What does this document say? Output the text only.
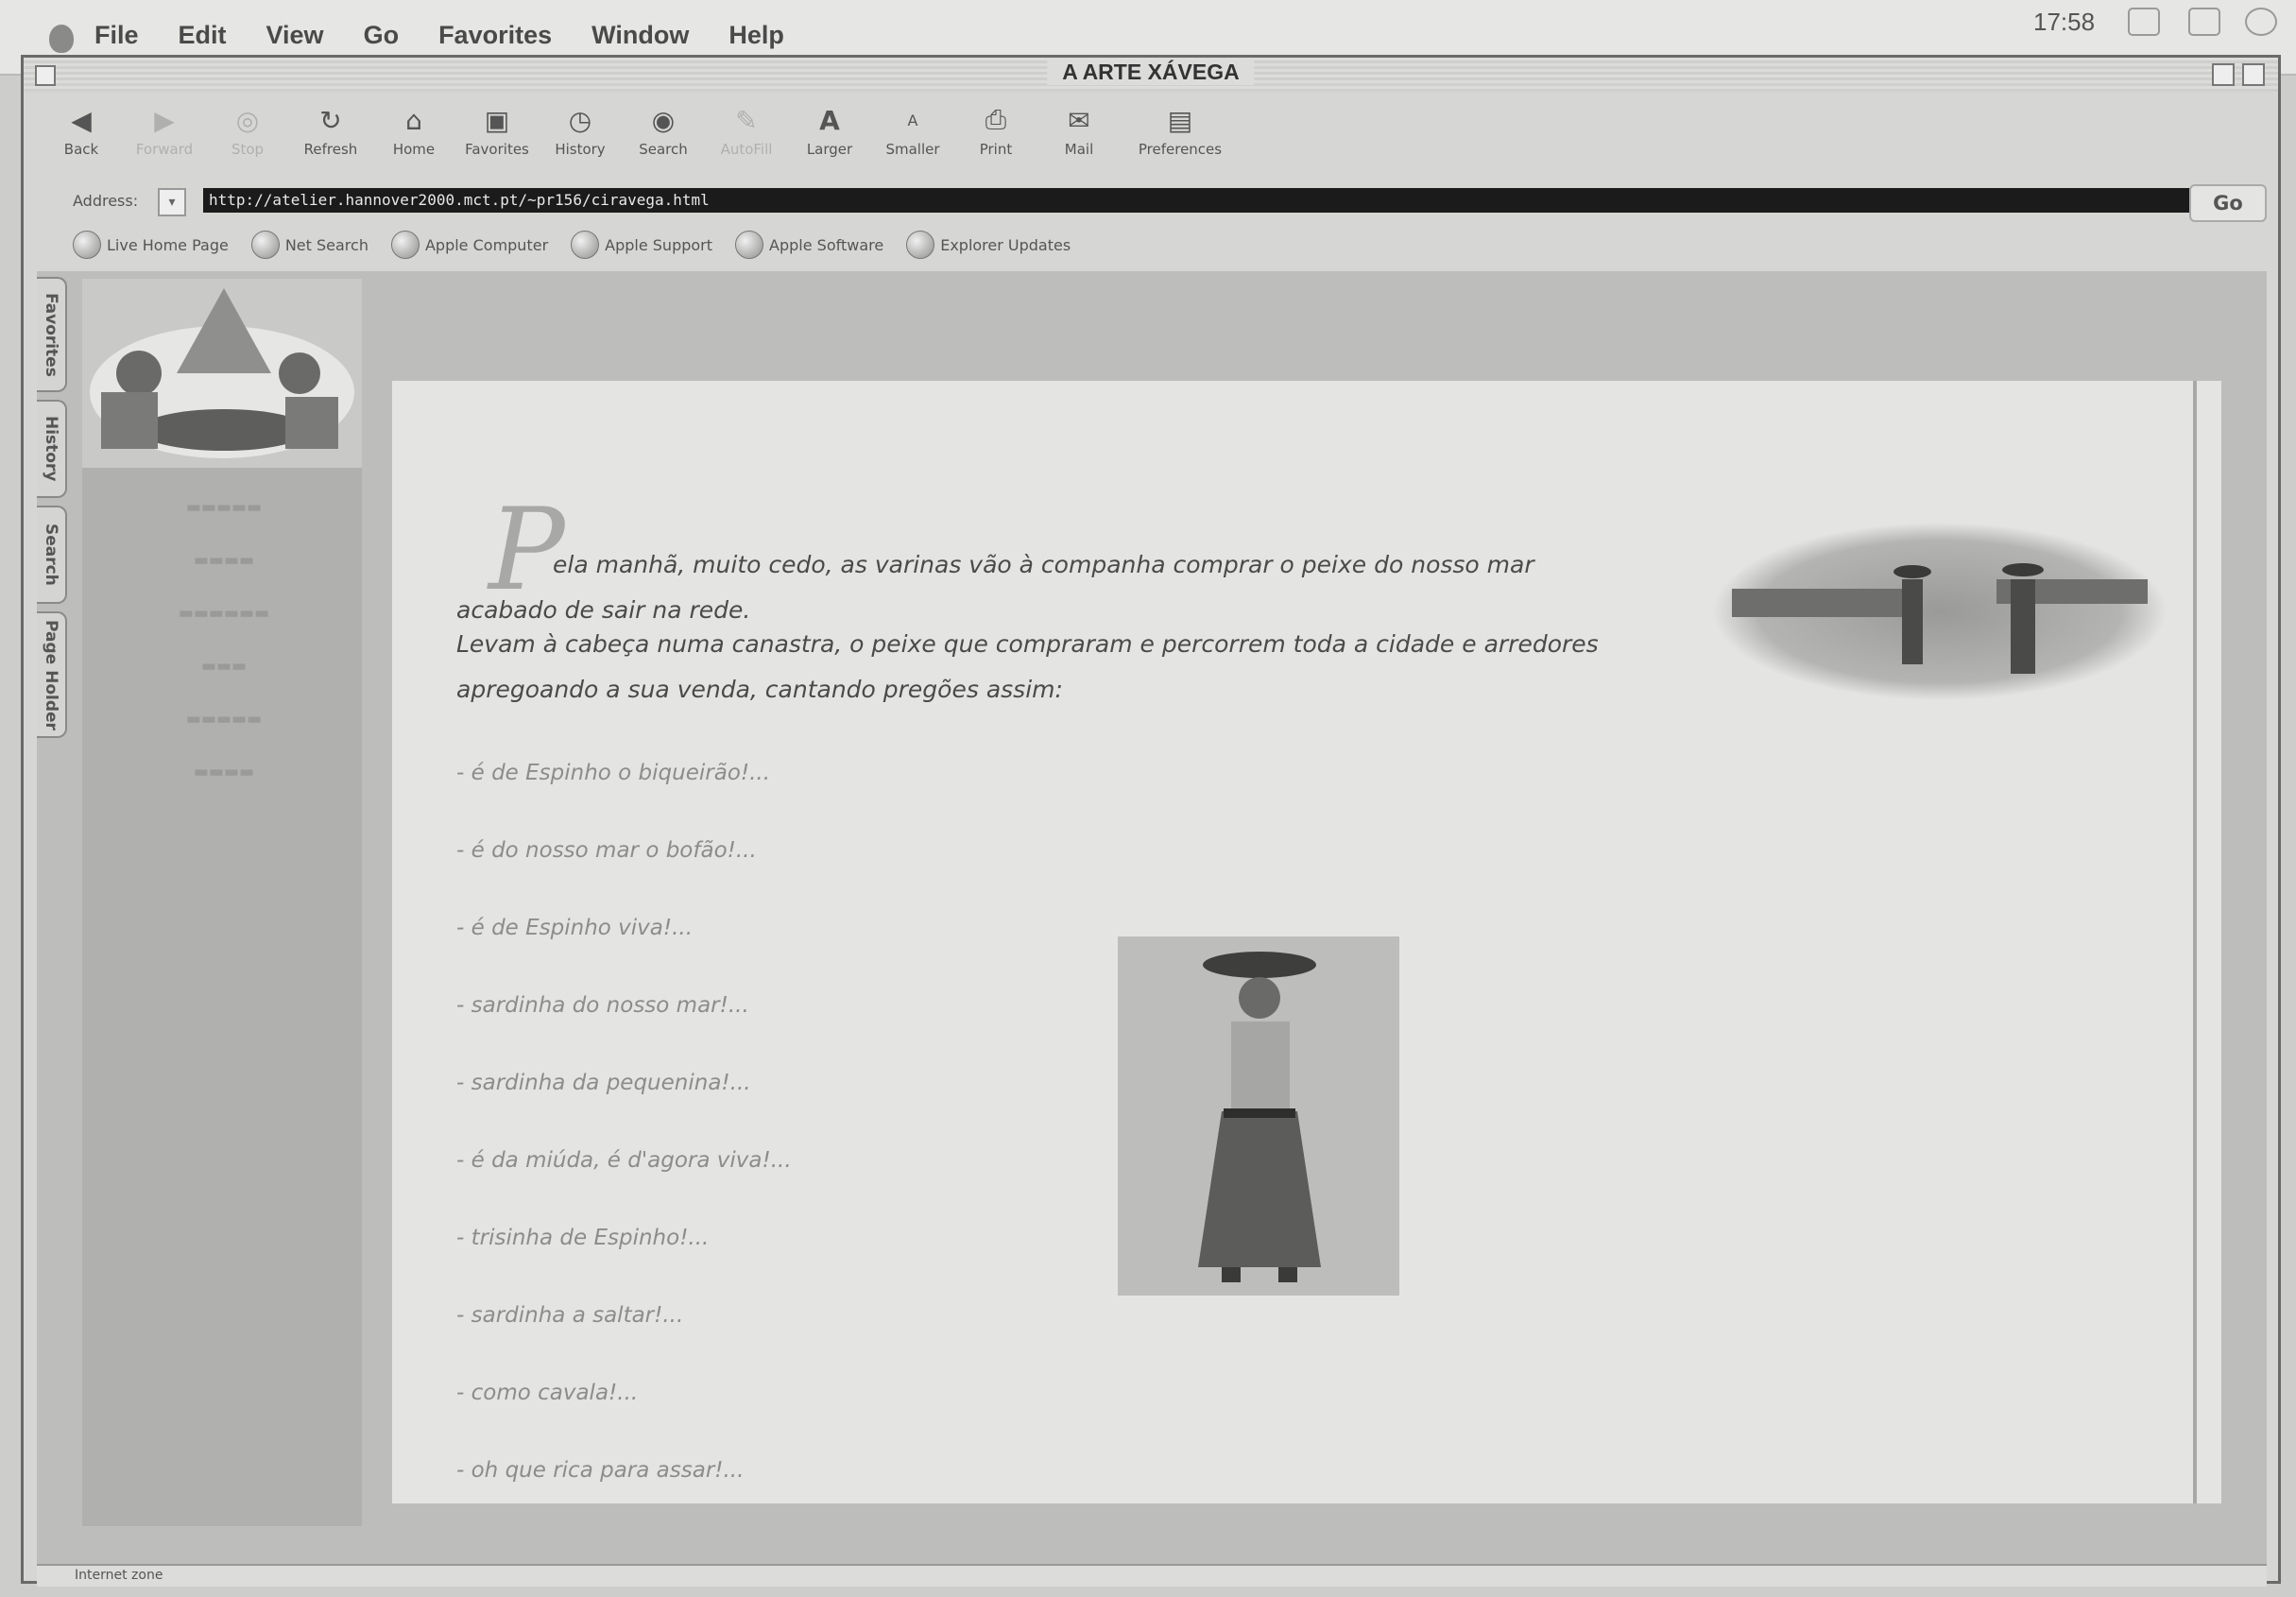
File Edit View Go Favorites Window Help	17:58
A ARTE XÁVEGA
◀
Back
▶
Forward
◎
Stop
↻
Refresh
⌂
Home
▣
Favorites
◷
History
◉
Search
✎
AutoFill
A
Larger
A
Smaller
⎙
Print
✉
Mail
▤
Preferences
Address:	▾	http://atelier.hannover2000.mct.pt/~pr156/ciravega.html	Go
Live Home Page	Net Search	Apple Computer	Apple Support	Apple Software	Explorer Updates
Favorites
History
Search
Page Holder
▬▬▬▬▬
▬▬▬▬
▬▬▬▬▬▬
▬▬▬
▬▬▬▬▬
▬▬▬▬
P
ela manhã, muito cedo, as varinas vão à companha comprar o peixe do nosso mar
acabado de sair na rede.
Levam à cabeça numa canastra, o peixe que compraram e percorrem toda a cidade e arredores
apregoando a sua venda, cantando pregões assim:
- é de Espinho o biqueirão!...
- é do nosso mar o bofão!...
- é de Espinho viva!...
- sardinha do nosso mar!...
- sardinha da pequenina!...
- é da miúda, é d'agora viva!...
- trisinha de Espinho!...
- sardinha a saltar!...
- como cavala!...
- oh que rica para assar!...
Internet zone
